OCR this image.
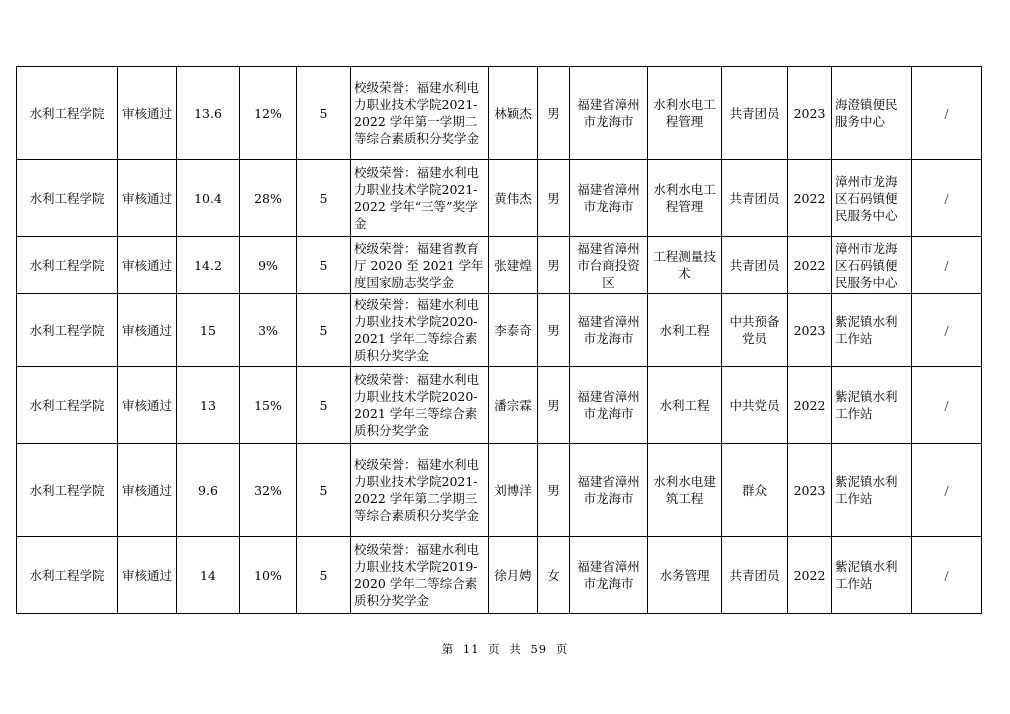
水利工程学院	审核通过	13.6	12%	5	校级荣誉：福建水利电力职业技术学院2021-2022 学年第一学期二等综合素质积分奖学金	林颖杰	男	福建省漳州市龙海市	水利水电工程管理	共青团员	2023	海澄镇便民服务中心	/
水利工程学院	审核通过	10.4	28%	5	校级荣誉：福建水利电力职业技术学院2021-2022 学年“三等”奖学金	黄伟杰	男	福建省漳州市龙海市	水利水电工程管理	共青团员	2022	漳州市龙海区石码镇便民服务中心	/
水利工程学院	审核通过	14.2	9%	5	校级荣誉：福建省教育厅 2020 至 2021 学年度国家励志奖学金	张建煌	男	福建省漳州市台商投资区	工程测量技术	共青团员	2022	漳州市龙海区石码镇便民服务中心	/
水利工程学院	审核通过	15	3%	5	校级荣誉：福建水利电力职业技术学院2020-2021 学年二等综合素质积分奖学金	李泰奇	男	福建省漳州市龙海市	水利工程	中共预备党员	2023	紫泥镇水利工作站	/
水利工程学院	审核通过	13	15%	5	校级荣誉：福建水利电力职业技术学院2020-2021 学年三等综合素质积分奖学金	潘宗霖	男	福建省漳州市龙海市	水利工程	中共党员	2022	紫泥镇水利工作站	/
水利工程学院	审核通过	9.6	32%	5	校级荣誉：福建水利电力职业技术学院2021-2022 学年第二学期三等综合素质积分奖学金	刘博洋	男	福建省漳州市龙海市	水利水电建筑工程	群众	2023	紫泥镇水利工作站	/
水利工程学院	审核通过	14	10%	5	校级荣誉：福建水利电力职业技术学院2019-2020 学年二等综合素质积分奖学金	徐月娉	女	福建省漳州市龙海市	水务管理	共青团员	2022	紫泥镇水利工作站	/
第 11 页 共 59 页
